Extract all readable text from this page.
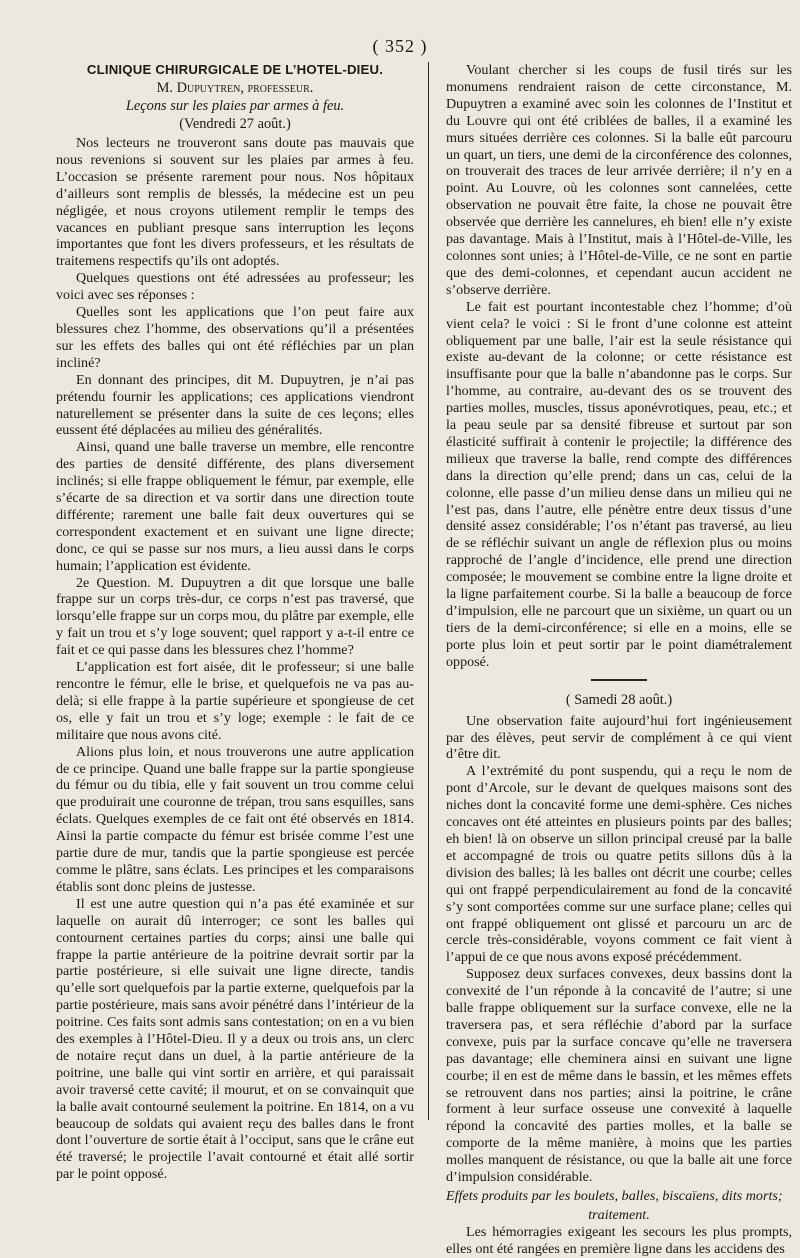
( 352 )
CLINIQUE CHIRURGICALE DE L’HOTEL-DIEU.
M. Dupuytren, professeur.
Leçons sur les plaies par armes à feu.
(Vendredi 27 août.)

Nos lecteurs ne trouveront sans doute pas mauvais que nous revenions si souvent sur les plaies par armes à feu. L’occasion se présente rarement pour nous. Nos hôpitaux d’ailleurs sont remplis de blessés, la médecine est un peu négligée, et nous croyons utilement remplir le temps des vacances en publiant presque sans interruption les leçons importantes que font les divers professeurs, et les résultats de traitemens respectifs qu’ils ont adoptés.

Quelques questions ont été adressées au professeur; les voici avec ses réponses :

Quelles sont les applications que l’on peut faire aux blessures chez l’homme, des observations qu’il a présentées sur les effets des balles qui ont été réfléchies par un plan incliné?

En donnant des principes, dit M. Dupuytren, je n’ai pas prétendu fournir les applications; ces applications viendront naturellement se présenter dans la suite de ces leçons; elles eussent été déplacées au milieu des généralités.

Ainsi, quand une balle traverse un membre, elle rencontre des parties de densité différente, des plans diversement inclinés; si elle frappe obliquement le fémur, par exemple, elle s’écarte de sa direction et va sortir dans une direction toute différente; rarement une balle fait deux ouvertures qui se correspondent exactement et en suivant une ligne directe; donc, ce qui se passe sur nos murs, a lieu aussi dans le corps humain; l’application est évidente.

2e Question. M. Dupuytren a dit que lorsque une balle frappe sur un corps très-dur, ce corps n’est pas traversé, que lorsqu’elle frappe sur un corps mou, du plâtre par exemple, elle y fait un trou et s’y loge souvent; quel rapport y a-t-il entre ce fait et ce qui passe dans les blessures chez l’homme?

L’application est fort aisée, dit le professeur; si une balle rencontre le fémur, elle le brise, et quelquefois ne va pas au-delà; si elle frappe à la partie supérieure et spongieuse de cet os, elle y fait un trou et s’y loge; exemple : le fait de ce militaire que nous avons cité.

Alions plus loin, et nous trouverons une autre application de ce principe. Quand une balle frappe sur la partie spongieuse du fémur ou du tibia, elle y fait souvent un trou comme celui que produirait une couronne de trépan, trou sans esquilles, sans éclats. Quelques exemples de ce fait ont été observés en 1814. Ainsi la partie compacte du fémur est brisée comme l’est une partie dure de mur, tandis que la partie spongieuse est percée comme le plâtre, sans éclats. Les principes et les comparaisons établis sont donc pleins de justesse.

Il est une autre question qui n’a pas été examinée et sur laquelle on aurait dû interroger; ce sont les balles qui contournent certaines parties du corps; ainsi une balle qui frappe la partie antérieure de la poitrine devrait sortir par la partie postérieure, si elle suivait une ligne directe, tandis qu’elle sort quelquefois par la partie externe, quelquefois par la partie postérieure, mais sans avoir pénétré dans l’intérieur de la poitrine. Ces faits sont admis sans contestation; on en a vu bien des exemples à l’Hôtel-Dieu. Il y a deux ou trois ans, un clerc de notaire reçut dans un duel, à la partie antérieure de la poitrine, une balle qui vint sortir en arrière, et qui paraissait avoir traversé cette cavité; il mourut, et on se convainquit que la balle avait contourné seulement la poitrine. En 1814, on a vu beaucoup de soldats qui avaient reçu des balles dans le front dont l’ouverture de sortie était à l’occiput, sans que le crâne eut été traversé; le projectile l’avait contourné et était allé sortir par le point opposé.

Voulant chercher si les coups de fusil tirés sur les monumens rendraient raison de cette circonstance, M. Dupuytren a examiné avec soin les colonnes de l’Institut et du Louvre qui ont été criblées de balles, il a examiné les murs situées derrière ces colonnes. Si la balle eût parcouru un quart, un tiers, une demi de la circonférence des colonnes, on trouverait des traces de leur arrivée derrière; il n’y en a point. Au Louvre, où les colonnes sont cannelées, cette observation ne pouvait être faite, la chose ne pouvait être observée que derrière les cannelures, eh bien! elle n’y existe pas davantage. Mais à l’Institut, mais à l’Hôtel-de-Ville, les colonnes sont unies; à l’Hôtel-de-Ville, ce ne sont en partie que des demi-colonnes, et cependant aucun accident ne s’observe derrière.

Le fait est pourtant incontestable chez l’homme; d’où vient cela? le voici : Si le front d’une colonne est atteint obliquement par une balle, l’air est la seule résistance qui existe au-devant de la colonne; or cette résistance est insuffisante pour que la balle n’abandonne pas le corps. Sur l’homme, au contraire, au-devant des os se trouvent des parties molles, muscles, tissus aponévrotiques, peau, etc.; et la peau seule par sa densité fibreuse et surtout par son élasticité suffirait à contenir le projectile; la différence des milieux que traverse la balle, rend compte des différences dans la direction qu’elle prend; dans un cas, celui de la colonne, elle passe d’un milieu dense dans un milieu qui ne l’est pas, dans l’autre, elle pénètre entre deux tissus d’une densité assez considérable; l’os n’étant pas traversé, au lieu de se réfléchir suivant un angle de réflexion plus ou moins rapproché de l’angle d’incidence, elle prend une direction composée; le mouvement se combine entre la ligne droite et la ligne parfaitement courbe. Si la balle a beaucoup de force d’impulsion, elle ne parcourt que un sixième, un quart ou un tiers de la demi-circonférence; si elle en a moins, elle se porte plus loin et peut sortir par le point diamétralement opposé.

( Samedi 28 août.)

Une observation faite aujourd’hui fort ingénieusement par des élèves, peut servir de complément à ce qui vient d’être dit.

A l’extrémité du pont suspendu, qui a reçu le nom de pont d’Arcole, sur le devant de quelques maisons sont des niches dont la concavité forme une demi-sphère. Ces niches concaves ont été atteintes en plusieurs points par des balles; eh bien! là on observe un sillon principal creusé par la balle et accompagné de trois ou quatre petits sillons dûs à la division des balles; là les balles ont décrit une courbe; celles qui ont frappé perpendiculairement au fond de la concavité s’y sont comportées comme sur une surface plane; celles qui ont frappé obliquement ont glissé et parcouru un arc de cercle très-considérable, voyons comment ce fait vient à l’appui de ce que nous avons exposé précédemment.

Supposez deux surfaces convexes, deux bassins dont la convexité de l’un réponde à la concavité de l’autre; si une balle frappe obliquement sur la surface convexe, elle ne la traversera pas, et sera réfléchie d’abord par la surface convexe, puis par la surface concave qu’elle ne traversera pas davantage; elle cheminera ainsi en suivant une ligne courbe; il en est de même dans le bassin, et les mêmes effets se retrouvent dans nos parties; ainsi la poitrine, le crâne forment à leur surface osseuse une convexité à laquelle répond la concavité des parties molles, et la balle se comporte de la même manière, à moins que les parties molles manquent de résistance, ou que la balle ait une force d’impulsion considérable.

Effets produits par les boulets, balles, biscaïens, dits morts;
traitement.

Les hémorragies exigeant les secours les plus prompts, elles ont été rangées en première ligne dans les accidens des
